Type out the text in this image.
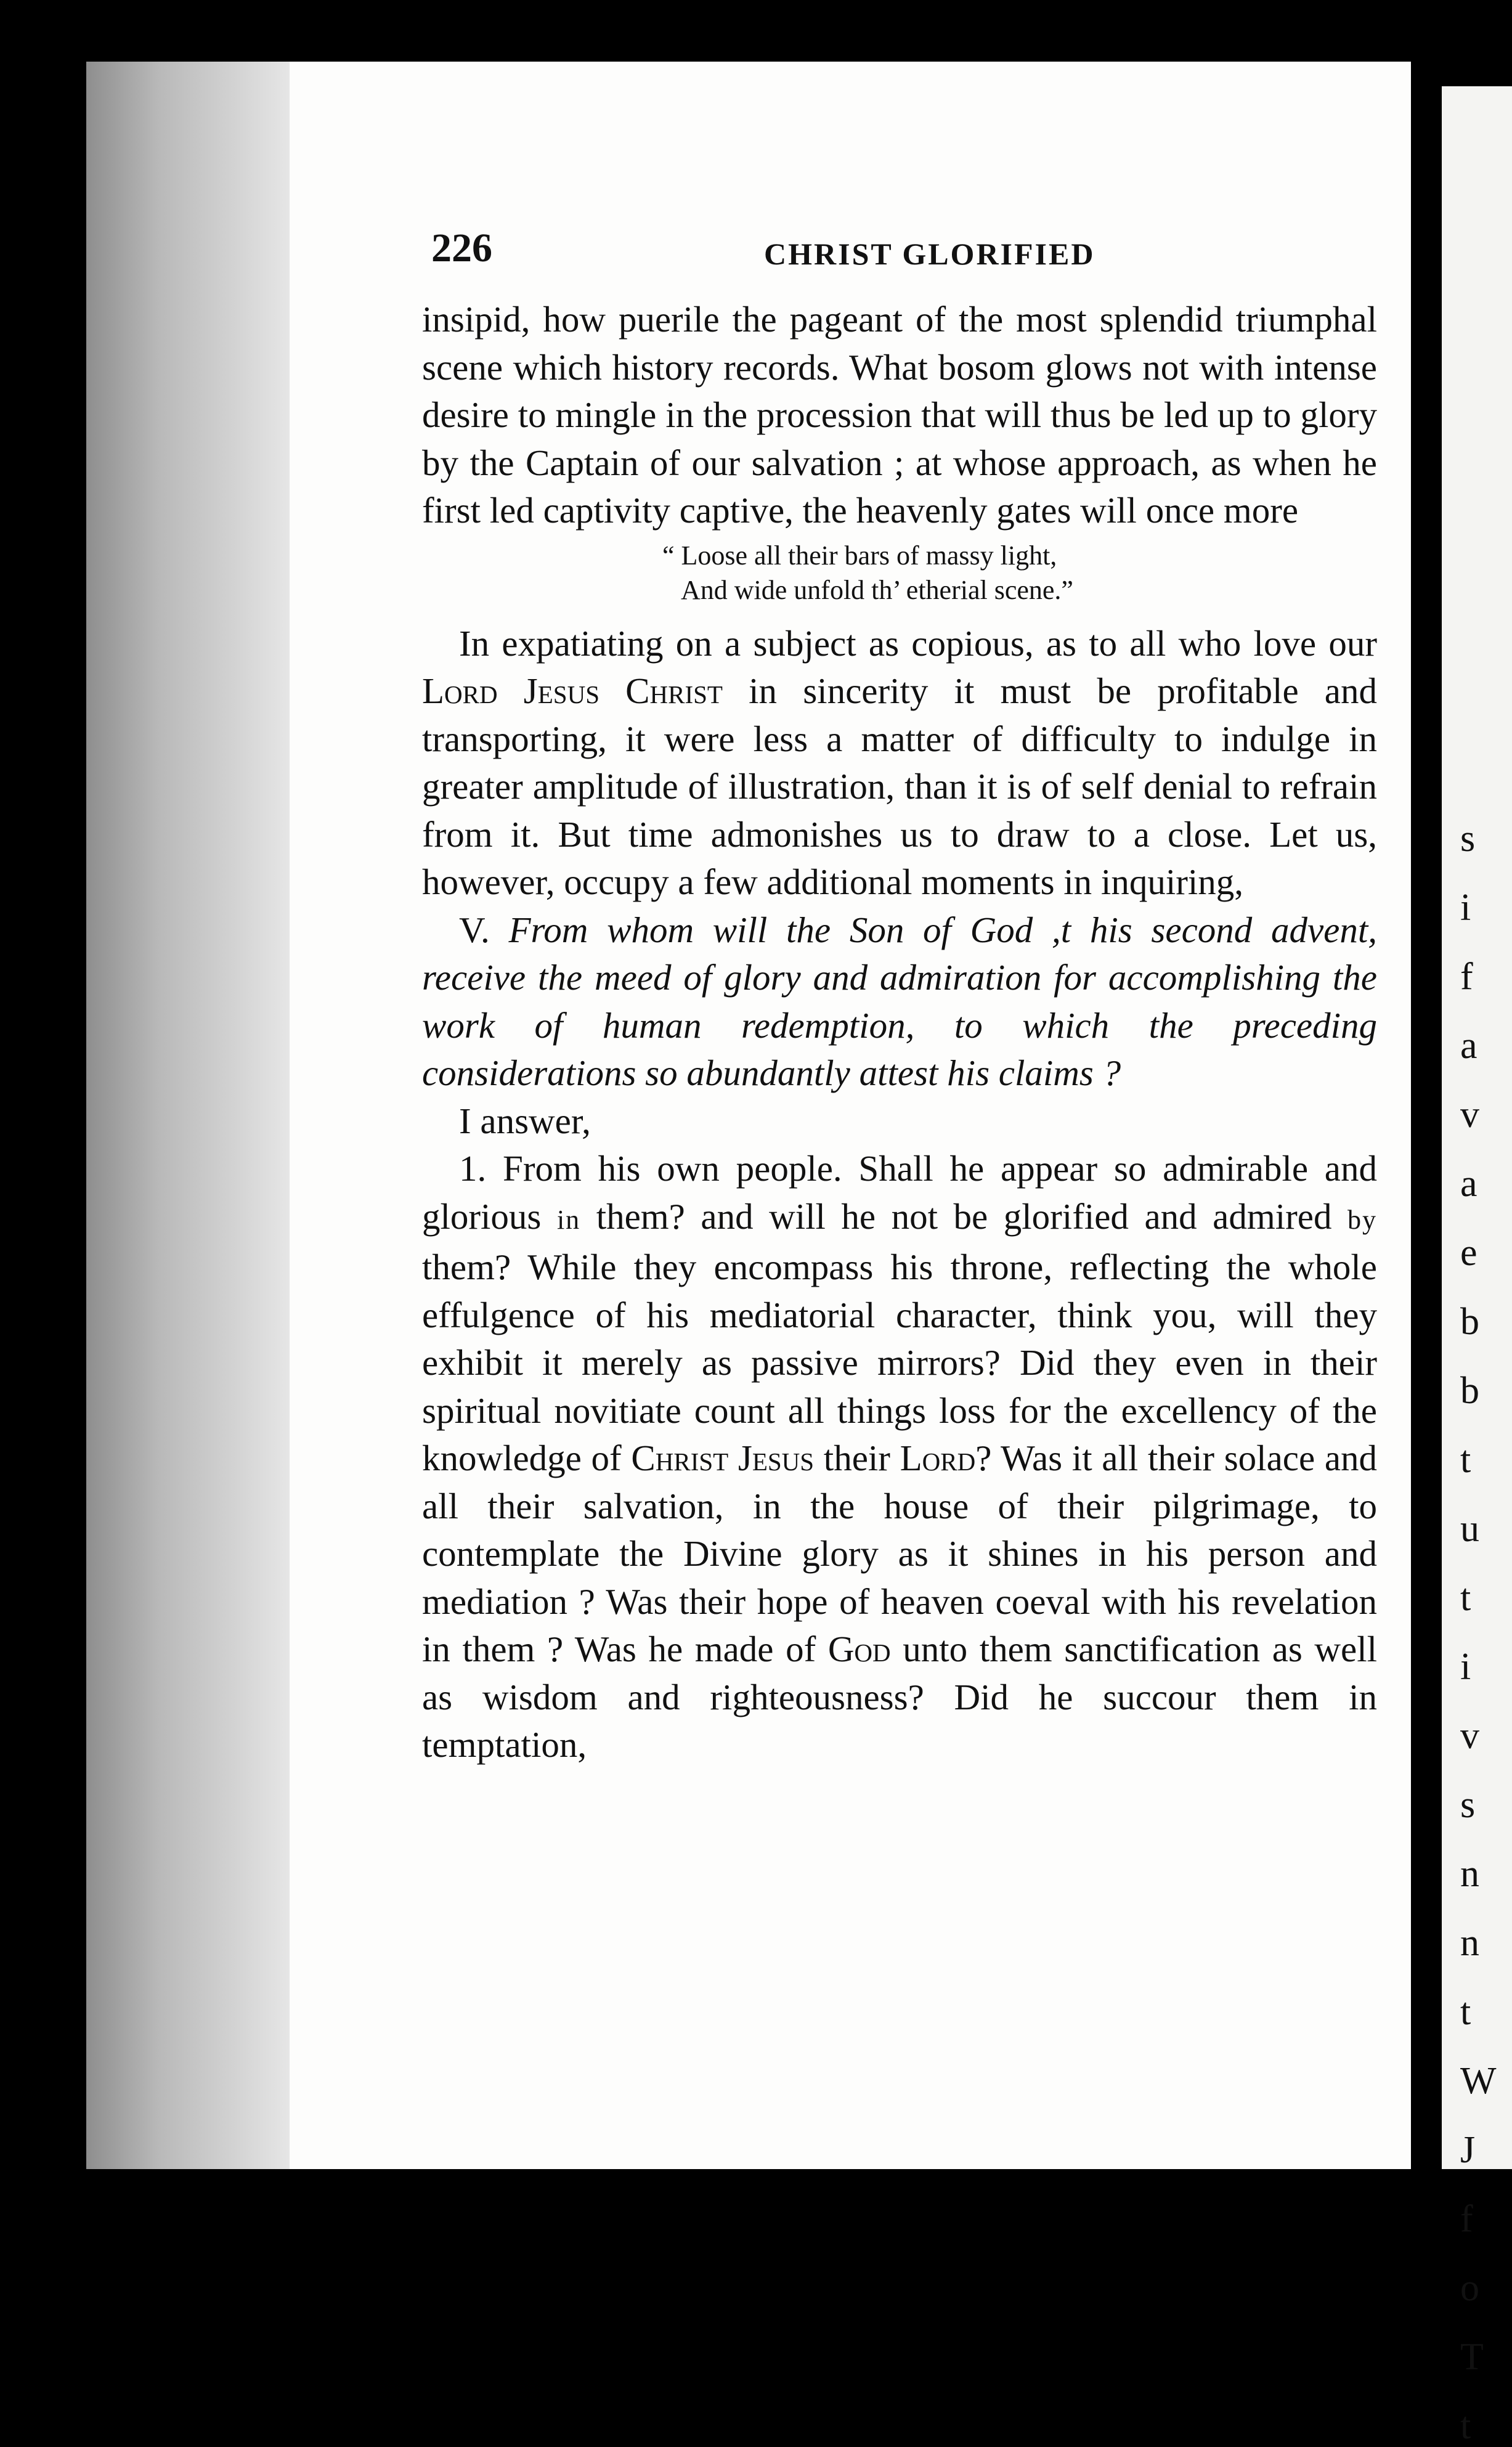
226	CHRIST GLORIFIED

insipid, how puerile the pageant of the most splendid triumphal scene which history records. What bosom glows not with intense desire to mingle in the procession that will thus be led up to glory by the Captain of our salvation ; at whose approach, as when he first led captivity captive, the heavenly gates will once more

“ Loose all their bars of massy light,
And wide unfold th’ etherial scene.”

In expatiating on a subject as copious, as to all who love our Lord Jesus Christ in sincerity it must be profitable and transporting, it were less a matter of difficulty to indulge in greater amplitude of illustration, than it is of self denial to refrain from it. But time admonishes us to draw to a close. Let us, however, occupy a few additional moments in inquiring,

V. From whom will the Son of God ,t his second advent, receive the meed of glory and admiration for accomplishing the work of human redemption, to which the preceding considerations so abundantly attest his claims ?

I answer,

1. From his own people. Shall he appear so admirable and glorious in them? and will he not be glorified and admired by them? While they encompass his throne, reflecting the whole effulgence of his mediatorial character, think you, will they exhibit it merely as passive mirrors? Did they even in their spiritual novitiate count all things loss for the excellency of the knowledge of Christ Jesus their Lord? Was it all their solace and all their salvation, in the house of their pilgrimage, to contemplate the Divine glory as it shines in his person and mediation ? Was their hope of heaven coeval with his revelation in them ? Was he made of God unto them sanctification as well as wisdom and righteousness? Did he succour them in temptation,

s
i
f
a
v
a
e
b
b
t
u
t
i
v
s
n
n
t
W
J
f
o
T
t
